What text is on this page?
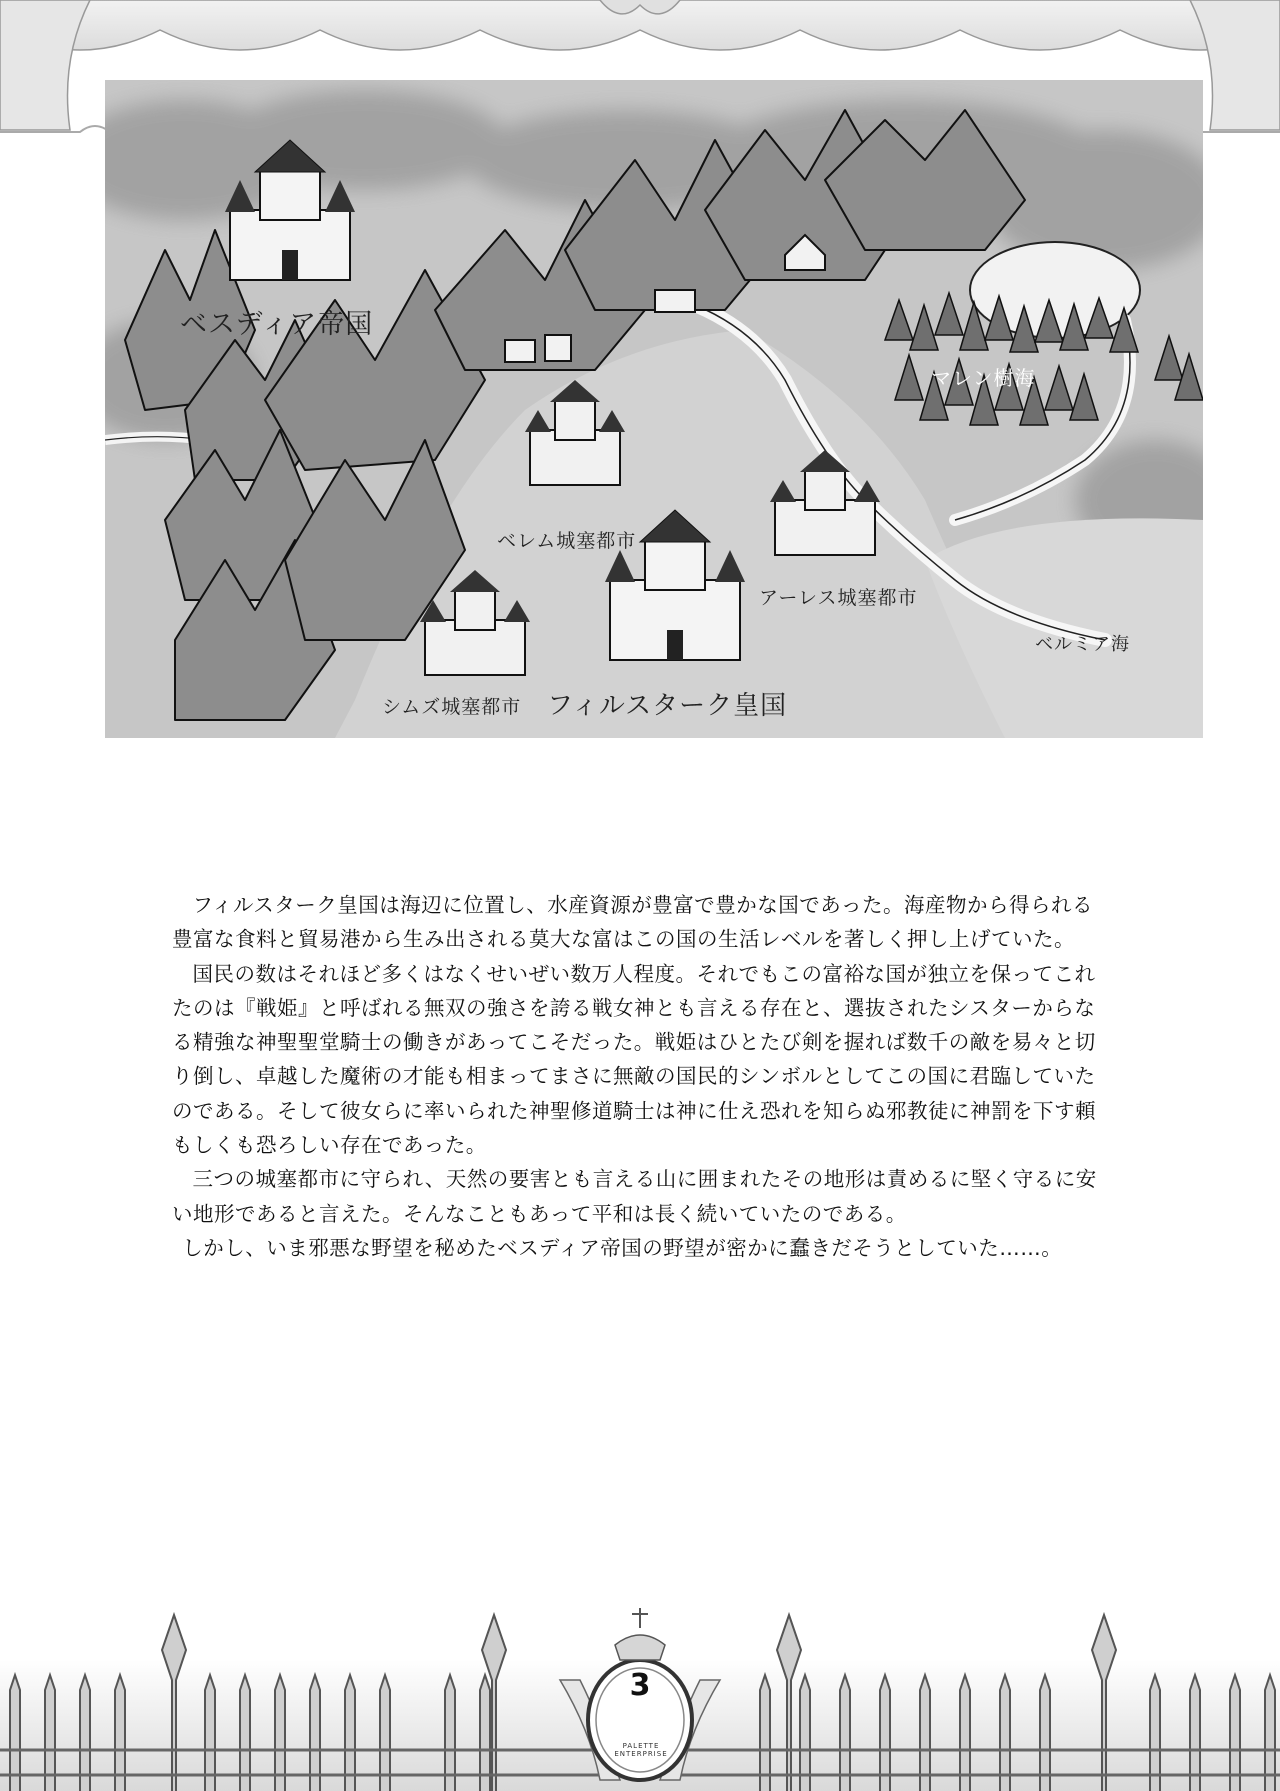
ベスディア帝国
マレン樹海
ベレム城塞都市
アーレス城塞都市
ベルミア海
シムズ城塞都市 フィルスターク皇国

フィルスターク皇国は海辺に位置し、水産資源が豊富で豊かな国であった。海産物から得られる豊富な食料と貿易港から生み出される莫大な富はこの国の生活レベルを著しく押し上げていた。

国民の数はそれほど多くはなくせいぜい数万人程度。それでもこの富裕な国が独立を保ってこれたのは『戦姫』と呼ばれる無双の強さを誇る戦女神とも言える存在と、選抜されたシスターからなる精強な神聖聖堂騎士の働きがあってこそだった。戦姫はひとたび剣を握れば数千の敵を易々と切り倒し、卓越した魔術の才能も相まってまさに無敵の国民的シンボルとしてこの国に君臨していたのである。そして彼女らに率いられた神聖修道騎士は神に仕え恐れを知らぬ邪教徒に神罰を下す頼もしくも恐ろしい存在であった。

三つの城塞都市に守られ、天然の要害とも言える山に囲まれたその地形は責めるに堅く守るに安い地形であると言えた。そんなこともあって平和は長く続いていたのである。

しかし、いま邪悪な野望を秘めたベスディア帝国の野望が密かに蠢きだそうとしていた……。

3
PALETTE ENTERPRISE
